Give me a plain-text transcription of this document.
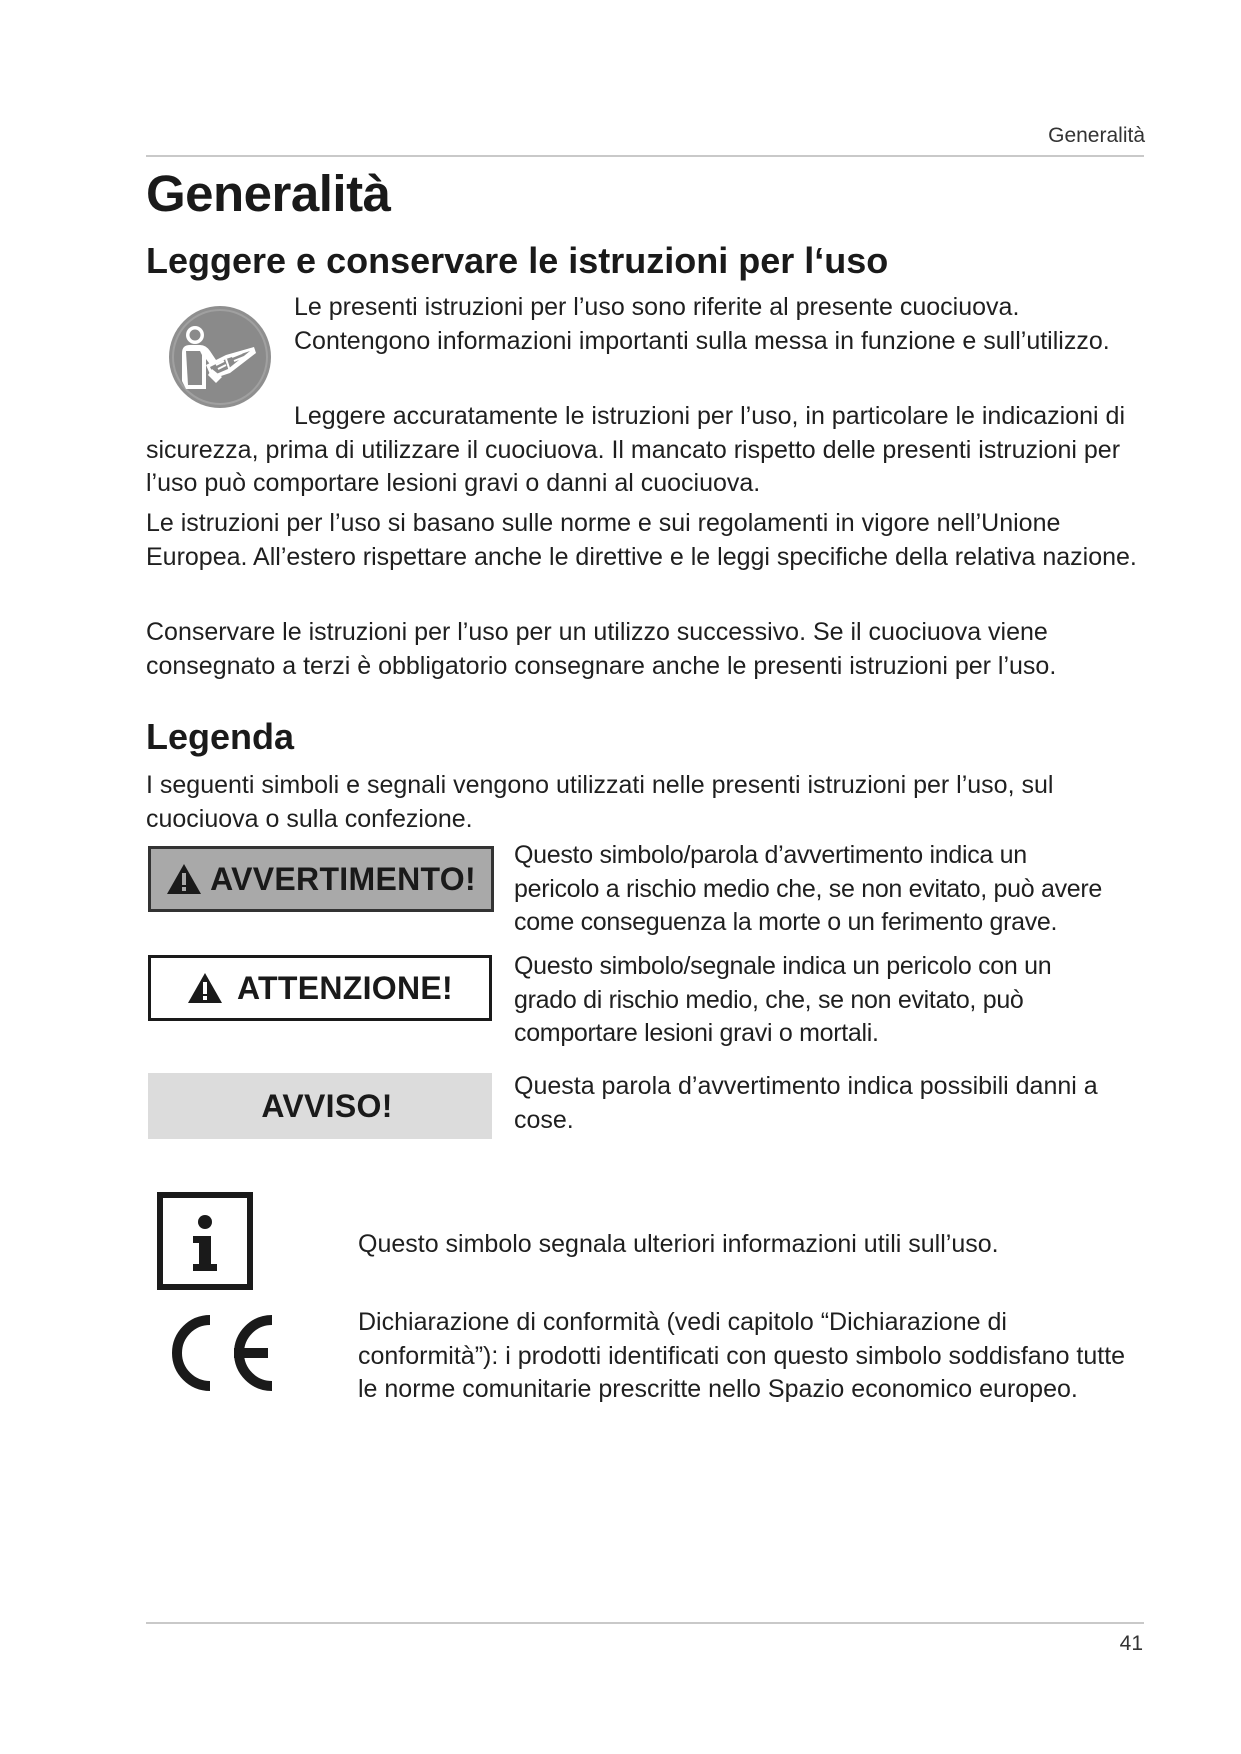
Generalità
Generalità
Leggere e conservare le istruzioni per l‘uso

Le presenti istruzioni per l’uso sono riferite al presente cuociuova. Contengono informazioni importanti sulla messa in funzione e sull’utilizzo.

Leggere accuratamente le istruzioni per l’uso, in particolare le indicazioni di sicurezza, prima di utilizzare il cuociuova. Il mancato rispetto delle presenti istruzioni per l’uso può comportare lesioni gravi o danni al cuociuova.

Le istruzioni per l’uso si basano sulle norme e sui regolamenti in vigore nell’Unione Europea. All’estero rispettare anche le direttive e le leggi specifiche della relativa nazione.

Conservare le istruzioni per l’uso per un utilizzo successivo. Se il cuociuova viene consegnato a terzi è obbligatorio consegnare anche le presenti istruzioni per l’uso.

Legenda

I seguenti simboli e segnali vengono utilizzati nelle presenti istruzioni per l’uso, sul cuociuova o sulla confezione.

AVVERTIMENTO!

Questo simbolo/parola d’avvertimento indica un pericolo a rischio medio che, se non evitato, può avere come conseguenza la morte o un ferimento grave.

ATTENZIONE!

Questo simbolo/segnale indica un pericolo con un grado di rischio medio, che, se non evitato, può comportare lesioni gravi o mortali.

AVVISO!

Questa parola d’avvertimento indica possibili danni a cose.

Questo simbolo segnala ulteriori informazioni utili sull’uso.

Dichiarazione di conformità (vedi capitolo “Dichiarazione di conformità”): i prodotti identificati con questo simbolo soddisfano tutte le norme comunitarie prescritte nello Spazio economico europeo.

41
